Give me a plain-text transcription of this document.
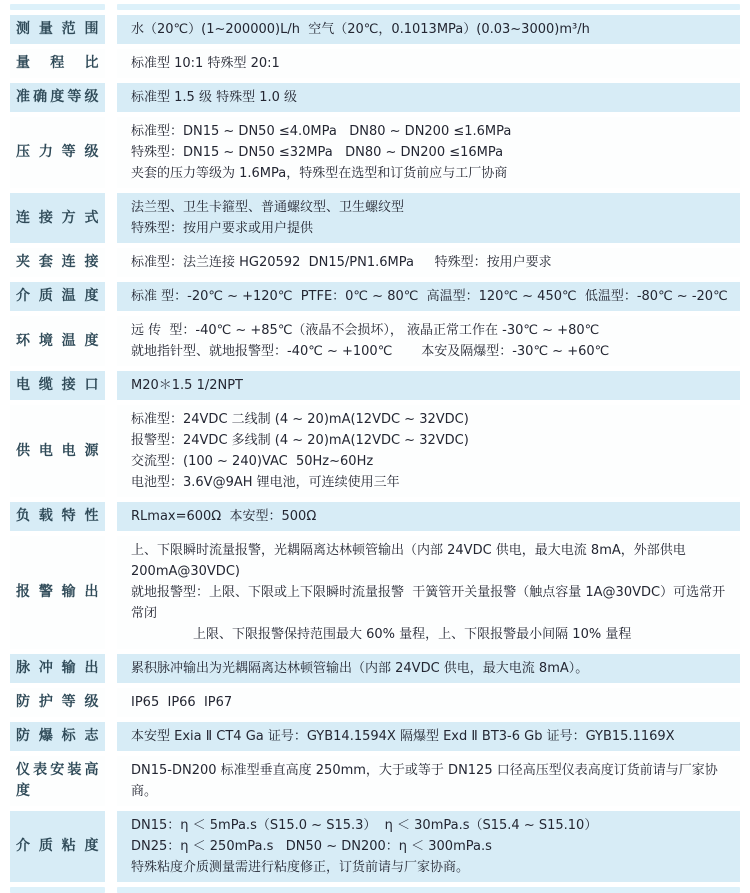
测量范围 水（20℃）(1~200000)L/h  空气（20℃，0.1013MPa）(0.03~3000)m³/h
量程比 标准型 10:1 特殊型 20:1
准确度等级 标准型 1.5 级 特殊型 1.0 级
压力等级
标准型：DN15 ~ DN50 ≤4.0MPa   DN80 ~ DN200 ≤1.6MPa
特殊型：DN15 ~ DN50 ≤32MPa   DN80 ~ DN200 ≤16MPa
夹套的压力等级为 1.6MPa，特殊型在选型和订货前应与工厂协商
连接方式
法兰型、卫生卡箍型、普通螺纹型、卫生螺纹型
特殊型：按用户要求或用户提供
夹套连接 标准型：法兰连接 HG20592  DN15/PN1.6MPa     特殊型：按用户要求
介质温度 标准 型：-20℃ ~ +120℃  PTFE：0℃ ~ 80℃  高温型：120℃ ~ 450℃  低温型：-80℃ ~ -20℃
环境温度
远 传  型：-40℃ ~ +85℃（液晶不会损坏）， 液晶正常工作在 -30℃ ~ +80℃
就地指针型、就地报警型：-40℃ ~ +100℃       本安及隔爆型：-30℃ ~ +60℃
电缆接口 M20＊1.5 1/2NPT
供电电源
标准型：24VDC 二线制 (4 ~ 20)mA(12VDC ~ 32VDC)
报警型：24VDC 多线制 (4 ~ 20)mA(12VDC ~ 32VDC)
交流型：(100 ~ 240)VAC  50Hz~60Hz
电池型：3.6V@9AH 锂电池，可连续使用三年
负载特性 RLmax=600Ω  本安型：500Ω
报警输出
上、下限瞬时流量报警，光耦隔离达林顿管输出（内部 24VDC 供电，最大电流 8mA，外部供电 200mA@30VDC)
就地报警型：上限、下限或上下限瞬时流量报警  干簧管开关量报警（触点容量 1A@30VDC）可选常开常闭
上限、下限报警保持范围最大 60% 量程，上、下限报警最小间隔 10% 量程
脉冲输出 累积脉冲输出为光耦隔离达林顿管输出（内部 24VDC 供电，最大电流 8mA）。
防护等级 IP65  IP66  IP67
防爆标志 本安型 Exia Ⅱ CT4 Ga 证号：GYB14.1594X 隔爆型 Exd Ⅱ BT3-6 Gb 证号：GYB15.1169X
仪表安装高度
DN15-DN200 标准型垂直高度 250mm，大于或等于 DN125 口径高压型仪表高度订货前请与厂家协商。
介质粘度
DN15：η ＜ 5mPa.s（S15.0 ~ S15.3）  η ＜ 30mPa.s（S15.4 ~ S15.10）
DN25：η ＜ 250mPa.s   DN50 ~ DN200：η ＜ 300mPa.s
特殊粘度介质测量需进行粘度修正，订货前请与厂家协商。
